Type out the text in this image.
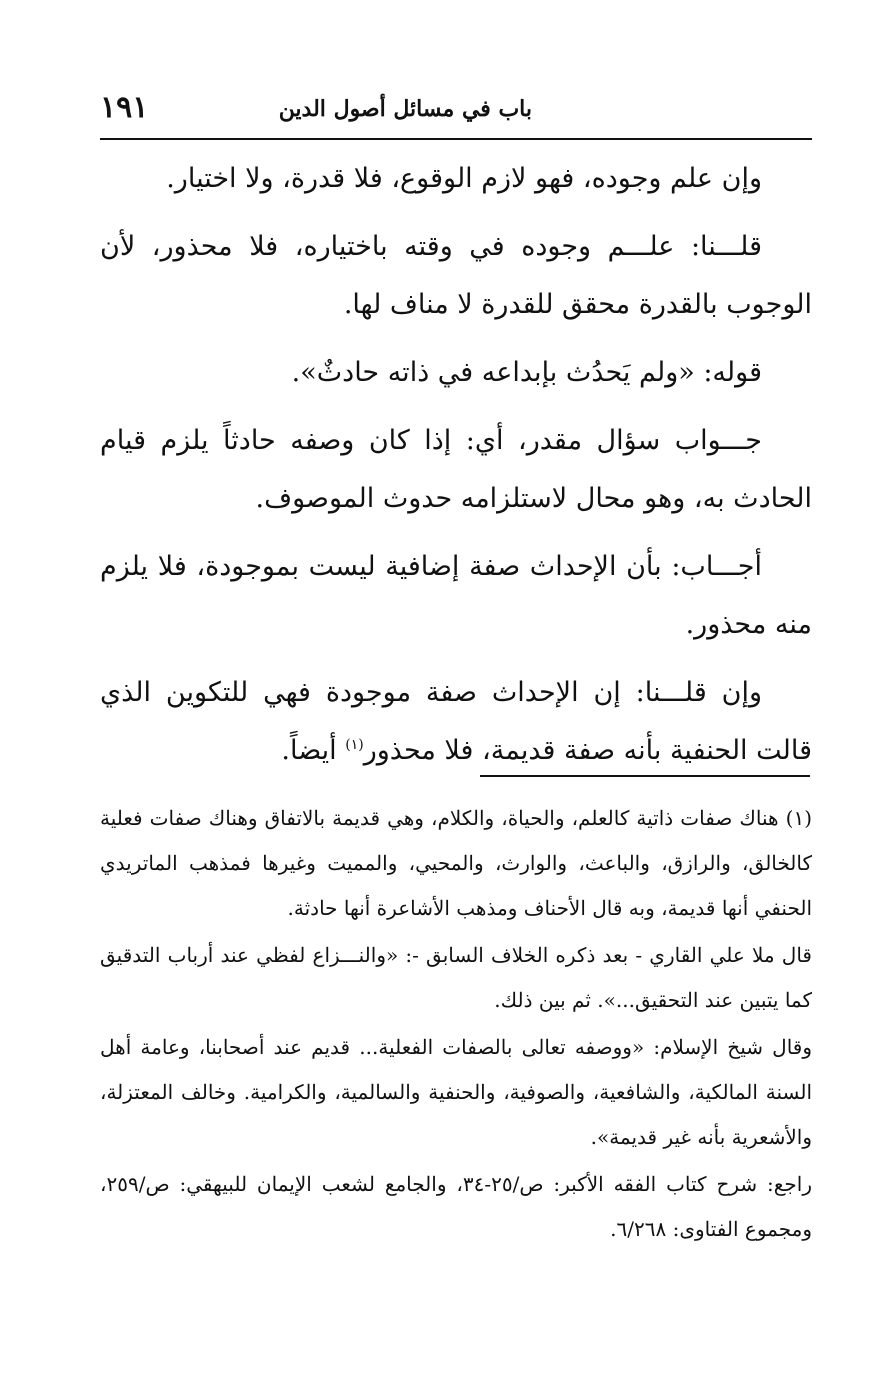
باب في مسائل أصول الدين
١٩١

وإن علم وجوده، فهو لازم الوقوع، فلا قدرة، ولا اختيار.

قلـــنا: علـــم وجوده في وقته باختياره، فلا محذور، لأن الوجوب بالقدرة محقق للقدرة لا مناف لها.

قوله: «ولم يَحدُث بإبداعه في ذاته حادثٌ».

جـــواب سؤال مقدر، أي: إذا كان وصفه حادثاً يلزم قيام الحادث به، وهو محال لاستلزامه حدوث الموصوف.

أجـــاب: بأن الإحداث صفة إضافية ليست بموجودة، فلا يلزم منه محذور.

وإن قلـــنا: إن الإحداث صفة موجودة فهي للتكوين الذي قالت الحنفية بأنه صفة قديمة، فلا محذور$^{(١)}$ أيضاً.

(١) هناك صفات ذاتية كالعلم، والحياة، والكلام، وهي قديمة بالاتفاق وهناك صفات فعلية كالخالق، والرازق، والباعث، والوارث، والمحيي، والمميت وغيرها فمذهب الماتريدي الحنفي أنها قديمة، وبه قال الأحناف ومذهب الأشاعرة أنها حادثة.

قال ملا علي القاري - بعد ذكره الخلاف السابق -: «والنـــزاع لفظي عند أرباب التدقيق كما يتبين عند التحقيق...». ثم بين ذلك.

وقال شيخ الإسلام: «ووصفه تعالى بالصفات الفعلية... قديم عند أصحابنا، وعامة أهل السنة المالكية، والشافعية، والصوفية، والحنفية والسالمية، والكرامية. وخالف المعتزلة، والأشعرية بأنه غير قديمة».

راجع: شرح كتاب الفقه الأكبر: ص/٢٥-٣٤، والجامع لشعب الإيمان للبيهقي: ص/٢٥٩، ومجموع الفتاوى: ٦/٢٦٨.
